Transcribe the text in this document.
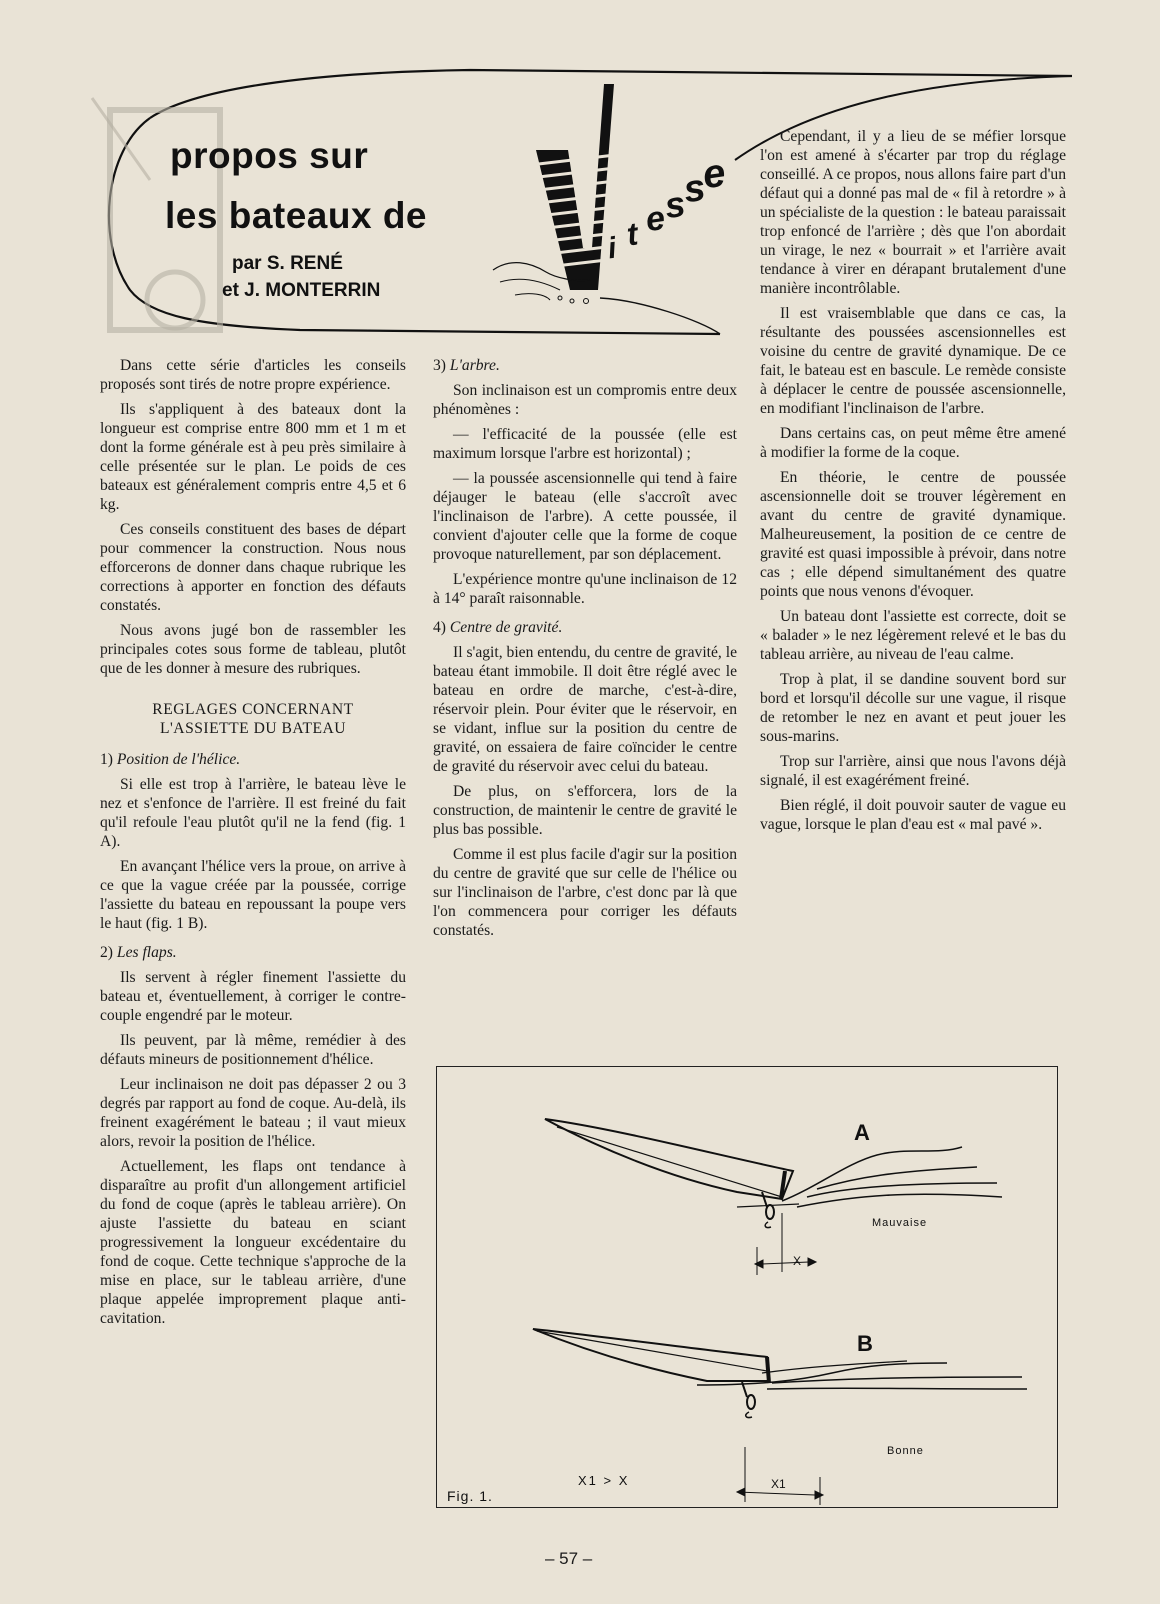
propos sur
les bateaux de
par S. RENÉ
et J. MONTERRIN
i t e
s
s
e

Dans cette série d'articles les conseils proposés sont tirés de notre propre expérience.

Ils s'appliquent à des bateaux dont la longueur est comprise entre 800 mm et 1 m et dont la forme générale est à peu près similaire à celle présentée sur le plan. Le poids de ces bateaux est généralement compris entre 4,5 et 6 kg.

Ces conseils constituent des bases de départ pour commencer la construction. Nous nous efforcerons de donner dans chaque rubrique les corrections à apporter en fonction des défauts constatés.

Nous avons jugé bon de rassembler les principales cotes sous forme de tableau, plutôt que de les donner à mesure des rubriques.

REGLAGES CONCERNANT
L'ASSIETTE DU BATEAU

1) Position de l'hélice.

Si elle est trop à l'arrière, le bateau lève le nez et s'enfonce de l'arrière. Il est freiné du fait qu'il refoule l'eau plutôt qu'il ne la fend (fig. 1 A).

En avançant l'hélice vers la proue, on arrive à ce que la vague créée par la poussée, corrige l'assiette du bateau en repoussant la poupe vers le haut (fig. 1 B).

2) Les flaps.

Ils servent à régler finement l'assiette du bateau et, éventuellement, à corriger le contre-couple engendré par le moteur.

Ils peuvent, par là même, remédier à des défauts mineurs de positionnement d'hélice.

Leur inclinaison ne doit pas dépasser 2 ou 3 degrés par rapport au fond de coque. Au-delà, ils freinent exagérément le bateau ; il vaut mieux alors, revoir la position de l'hélice.

Actuellement, les flaps ont tendance à disparaître au profit d'un allongement artificiel du fond de coque (après le tableau arrière). On ajuste l'assiette du bateau en sciant progressivement la longueur excédentaire du fond de coque. Cette technique s'approche de la mise en place, sur le tableau arrière, d'une plaque appelée improprement plaque anti-cavitation.

3) L'arbre.

Son inclinaison est un compromis entre deux phénomènes :

— l'efficacité de la poussée (elle est maximum lorsque l'arbre est horizontal) ;

— la poussée ascensionnelle qui tend à faire déjauger le bateau (elle s'accroît avec l'inclinaison de l'arbre). A cette poussée, il convient d'ajouter celle que la forme de coque provoque naturellement, par son déplacement.

L'expérience montre qu'une inclinaison de 12 à 14° paraît raisonnable.

4) Centre de gravité.

Il s'agit, bien entendu, du centre de gravité, le bateau étant immobile. Il doit être réglé avec le bateau en ordre de marche, c'est-à-dire, réservoir plein. Pour éviter que le réservoir, en se vidant, influe sur la position du centre de gravité, on essaiera de faire coïncider le centre de gravité du réservoir avec celui du bateau.

De plus, on s'efforcera, lors de la construction, de maintenir le centre de gravité le plus bas possible.

Comme il est plus facile d'agir sur la position du centre de gravité que sur celle de l'hélice ou sur l'inclinaison de l'arbre, c'est donc par là que l'on commencera pour corriger les défauts constatés.

Cependant, il y a lieu de se méfier lorsque l'on est amené à s'écarter par trop du réglage conseillé. A ce propos, nous allons faire part d'un défaut qui a donné pas mal de « fil à retordre » à un spécialiste de la question : le bateau paraissait trop enfoncé de l'arrière ; dès que l'on abordait un virage, le nez « bourrait » et l'arrière avait tendance à virer en dérapant brutalement d'une manière incontrôlable.

Il est vraisemblable que dans ce cas, la résultante des poussées ascensionnelles est voisine du centre de gravité dynamique. De ce fait, le bateau est en bascule. Le remède consiste à déplacer le centre de poussée ascensionnelle, en modifiant l'inclinaison de l'arbre.

Dans certains cas, on peut même être amené à modifier la forme de la coque.

En théorie, le centre de poussée ascensionnelle doit se trouver légèrement en avant du centre de gravité dynamique. Malheureusement, la position de ce centre de gravité est quasi impossible à prévoir, dans notre cas ; elle dépend simultanément des quatre points que nous venons d'évoquer.

Un bateau dont l'assiette est correcte, doit se « balader » le nez légèrement relevé et le bas du tableau arrière, au niveau de l'eau calme.

Trop à plat, il se dandine souvent bord sur bord et lorsqu'il décolle sur une vague, il risque de retomber le nez en avant et peut jouer les sous-marins.

Trop sur l'arrière, ainsi que nous l'avons déjà signalé, il est exagérément freiné.

Bien réglé, il doit pouvoir sauter de vague eu vague, lorsque le plan d'eau est « mal pavé ».

A
B
Mauvaise
Bonne
X
X1
X1 > X
Fig. 1.
– 57 –
